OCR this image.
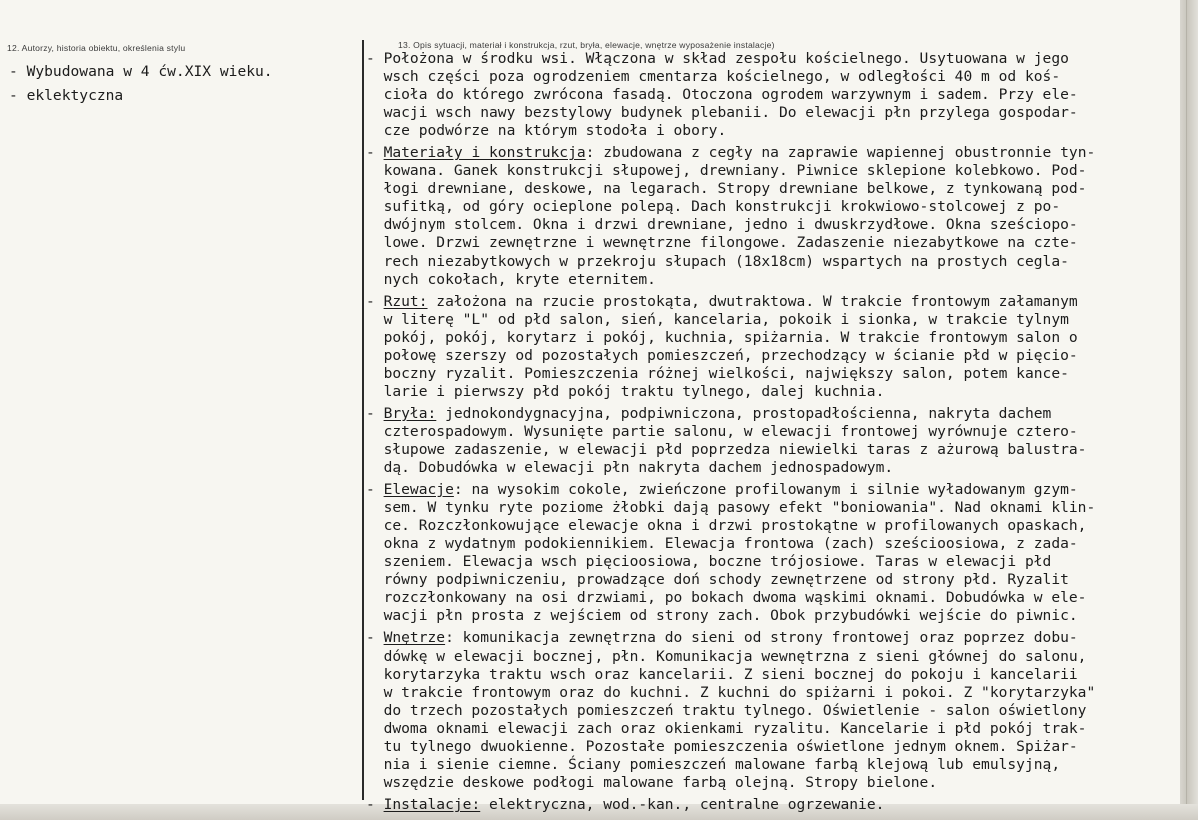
12. Autorzy, historia obiektu, określenia stylu	13. Opis sytuacji, materiał i konstrukcja, rzut, bryła, elewacje, wnętrze wyposażenie instalacje)
- Wybudowana w 4 ćw.XIX wieku.
- eklektyczna
- Położona w środku wsi. Włączona w skład zespołu kościelnego. Usytuowana w jego
wsch części poza ogrodzeniem cmentarza kościelnego, w odległości 40 m od koś-
cioła do którego zwrócona fasadą. Otoczona ogrodem warzywnym i sadem. Przy ele-
wacji wsch nawy bezstylowy budynek plebanii. Do elewacji płn przylega gospodar-
cze podwórze na którym stodoła i obory.
- Materiały i konstrukcja: zbudowana z cegły na zaprawie wapiennej obustronnie tyn-
kowana. Ganek konstrukcji słupowej, drewniany. Piwnice sklepione kolebkowo. Pod-
łogi drewniane, deskowe, na legarach. Stropy drewniane belkowe, z tynkowaną pod-
sufitką, od góry ocieplone polepą. Dach konstrukcji krokwiowo-stolcowej z po-
dwójnym stolcem. Okna i drzwi drewniane, jedno i dwuskrzydłowe. Okna sześciopo-
lowe. Drzwi zewnętrzne i wewnętrzne filongowe. Zadaszenie niezabytkowe na czte-
rech niezabytkowych w przekroju słupach (18x18cm) wspartych na prostych cegla-
nych cokołach, kryte eternitem.
- Rzut: założona na rzucie prostokąta, dwutraktowa. W trakcie frontowym załamanym
w literę "L" od płd salon, sień, kancelaria, pokoik i sionka, w trakcie tylnym
pokój, pokój, korytarz i pokój, kuchnia, spiżarnia. W trakcie frontowym salon o
połowę szerszy od pozostałych pomieszczeń, przechodzący w ścianie płd w pięcio-
boczny ryzalit. Pomieszczenia różnej wielkości, największy salon, potem kance-
larie i pierwszy płd pokój traktu tylnego, dalej kuchnia.
- Bryła: jednokondygnacyjna, podpiwniczona, prostopadłościenna, nakryta dachem
czterospadowym. Wysunięte partie salonu, w elewacji frontowej wyrównuje cztero-
słupowe zadaszenie, w elewacji płd poprzedza niewielki taras z ażurową balustra-
dą. Dobudówka w elewacji płn nakryta dachem jednospadowym.
- Elewacje: na wysokim cokole, zwieńczone profilowanym i silnie wyładowanym gzym-
sem. W tynku ryte poziome żłobki dają pasowy efekt "boniowania". Nad oknami klin-
ce. Rozczłonkowujące elewacje okna i drzwi prostokątne w profilowanych opaskach,
okna z wydatnym podokiennikiem. Elewacja frontowa (zach) sześcioosiowa, z zada-
szeniem. Elewacja wsch pięcioosiowa, boczne trójosiowe. Taras w elewacji płd
równy podpiwniczeniu, prowadzące doń schody zewnętrzene od strony płd. Ryzalit
rozczłonkowany na osi drzwiami, po bokach dwoma wąskimi oknami. Dobudówka w ele-
wacji płn prosta z wejściem od strony zach. Obok przybudówki wejście do piwnic.
- Wnętrze: komunikacja zewnętrzna do sieni od strony frontowej oraz poprzez dobu-
dówkę w elewacji bocznej, płn. Komunikacja wewnętrzna z sieni głównej do salonu,
korytarzyka traktu wsch oraz kancelarii. Z sieni bocznej do pokoju i kancelarii
w trakcie frontowym oraz do kuchni. Z kuchni do spiżarni i pokoi. Z "korytarzyka"
do trzech pozostałych pomieszczeń traktu tylnego. Oświetlenie - salon oświetlony
dwoma oknami elewacji zach oraz okienkami ryzalitu. Kancelarie i płd pokój trak-
tu tylnego dwuokienne. Pozostałe pomieszczenia oświetlone jednym oknem. Spiżar-
nia i sienie ciemne. Ściany pomieszczeń malowane farbą klejową lub emulsyjną,
wszędzie deskowe podłogi malowane farbą olejną. Stropy bielone.
- Instalacje: elektryczna, wod.-kan., centralne ogrzewanie.
